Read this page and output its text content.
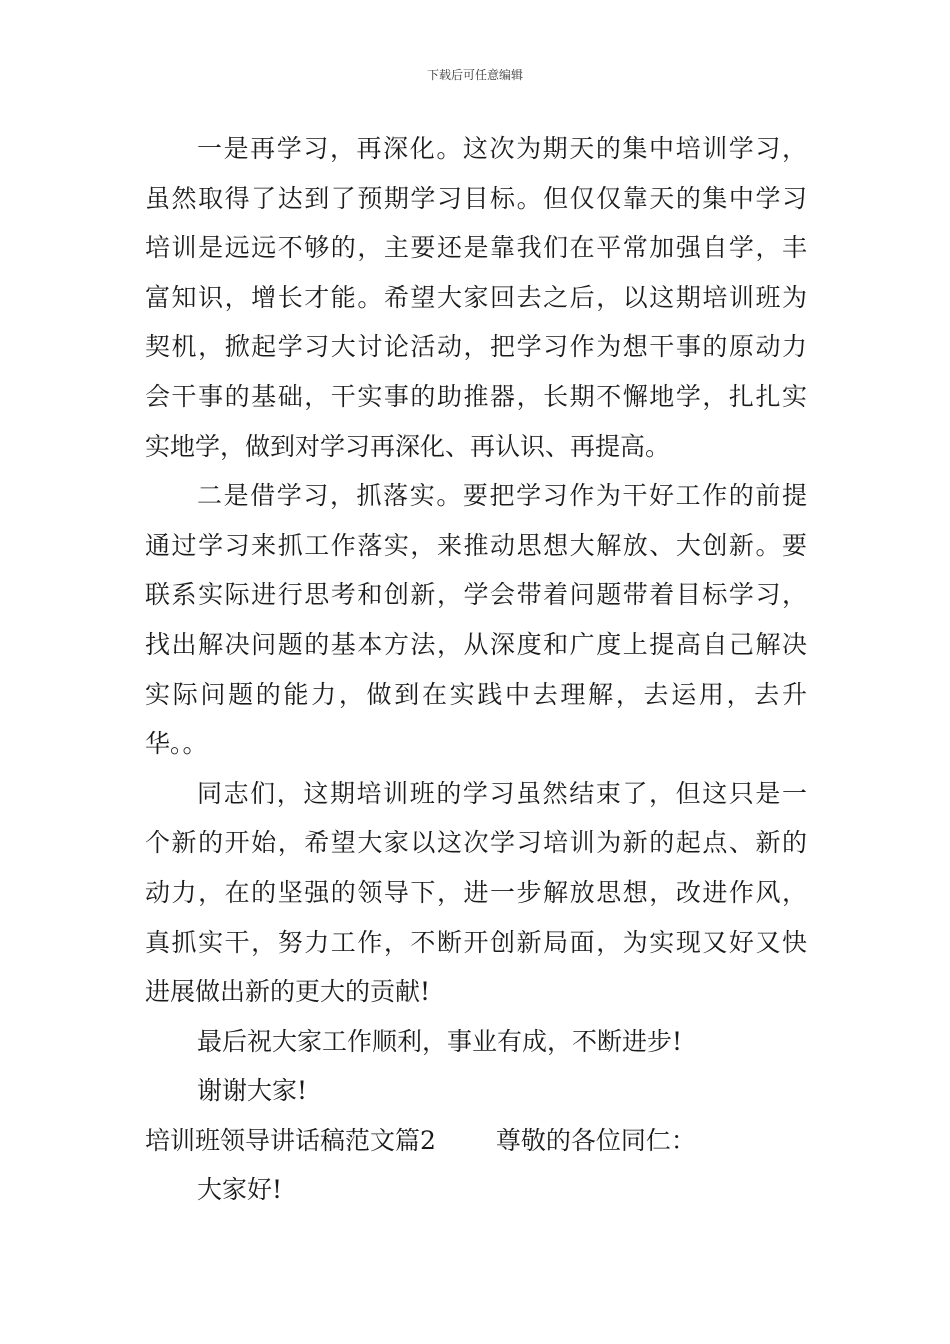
下载后可任意编辑
一是再学习，再深化。这次为期天的集中培训学习，
虽然取得了达到了预期学习目标。但仅仅靠天的集中学习
培训是远远不够的，主要还是靠我们在平常加强自学，丰
富知识，增长才能。希望大家回去之后，以这期培训班为
契机，掀起学习大讨论活动，把学习作为想干事的原动力
会干事的基础，干实事的助推器，长期不懈地学，扎扎实
实地学，做到对学习再深化、再认识、再提高。
二是借学习，抓落实。要把学习作为干好工作的前提
通过学习来抓工作落实，来推动思想大解放、大创新。要
联系实际进行思考和创新，学会带着问题带着目标学习，
找出解决问题的基本方法，从深度和广度上提高自己解决
实际问题的能力，做到在实践中去理解，去运用，去升
华。。
同志们，这期培训班的学习虽然结束了，但这只是一
个新的开始，希望大家以这次学习培训为新的起点、新的
动力，在的坚强的领导下，进一步解放思想，改进作风，
真抓实干，努力工作，不断开创新局面，为实现又好又快
进展做出新的更大的贡献!
最后祝大家工作顺利，事业有成，不断进步!
谢谢大家!
培训班领导讲话稿范文篇2 尊敬的各位同仁：
大家好!
